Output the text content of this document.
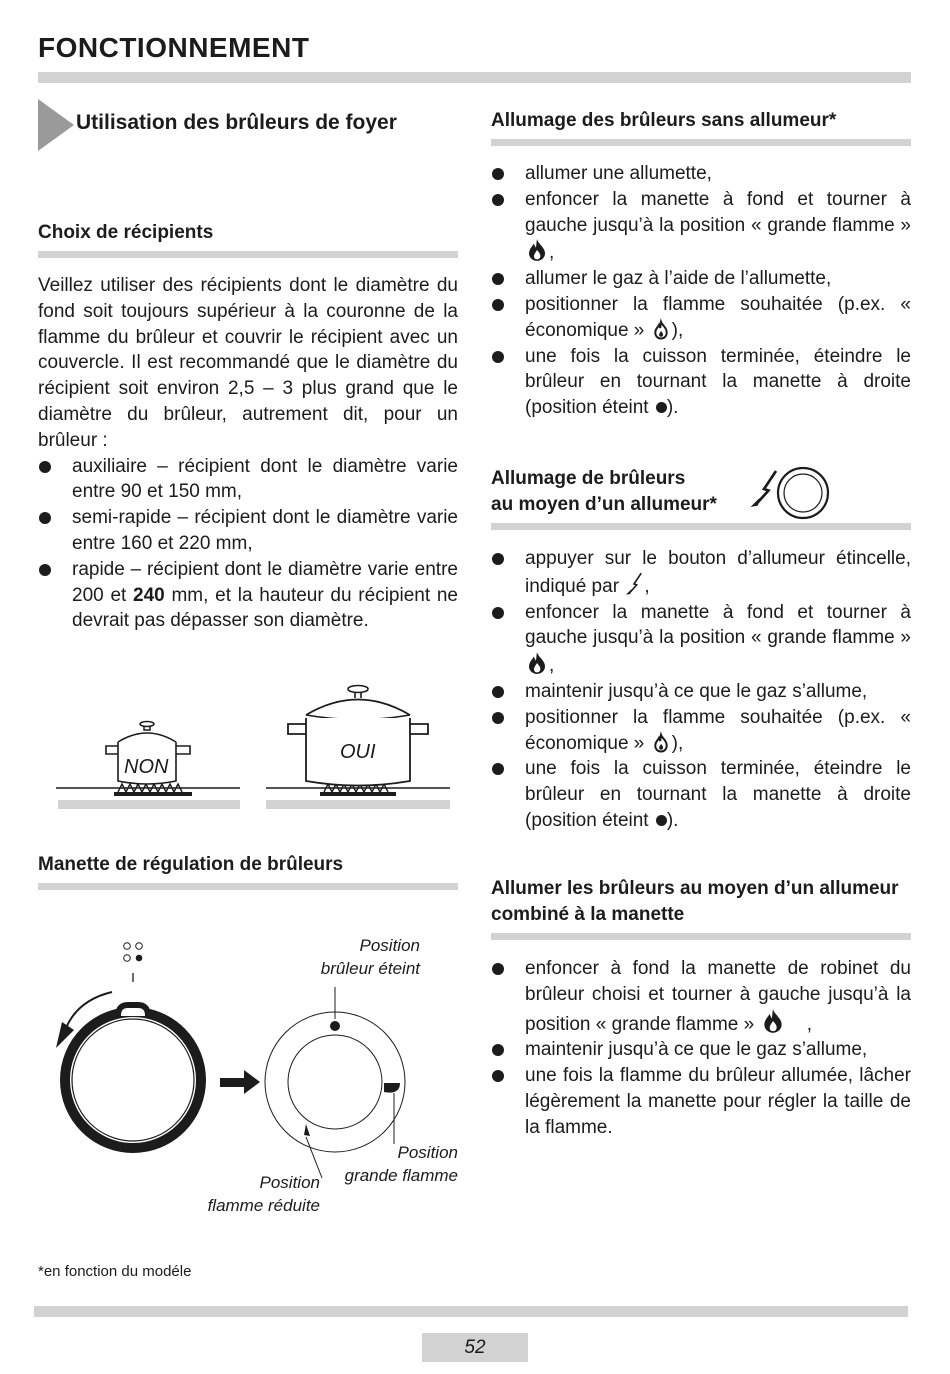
FONCTIONNEMENT
Utilisation des brûleurs de foyer
Choix de récipients
Veillez utiliser des récipients dont le diamètre du fond soit toujours supérieur à la couronne de la flamme du brûleur et couvrir le récipient avec un couvercle. Il est recommandé que le diamètre du récipient soit environ 2,5 – 3 plus grand que le diamètre du brûleur, autrement dit, pour un brûleur :
auxiliaire – récipient dont le diamètre varie entre 90 et 150 mm,
semi-rapide – récipient dont le diamètre varie entre 160 et 220 mm,
rapide – récipient dont le diamètre varie entre 200 et 240 mm, et la hauteur du récipient ne devrait pas dépasser son diamètre.
NON
OUI
Manette de régulation de brûleurs
Position
brûleur éteint
Position
grande flamme
Position
flamme réduite
Allumage des brûleurs sans allumeur*
allumer une allumette,
enfoncer la manette à fond et tourner à gauche jusqu’à la position « grande flamme » ,
allumer le gaz à l’aide de l’allumette,
positionner la flamme souhaitée (p.ex. « économique » ),
une fois la cuisson terminée, éteindre le brûleur en tournant la manette à droite (position éteint ).
Allumage de brûleurs
au moyen d’un allumeur*
appuyer sur le bouton d’allumeur étincelle, indiqué par ,
enfoncer la manette à fond et tourner à gauche jusqu’à la position « grande flamme » ,
maintenir jusqu’à ce que le gaz s’allume,
positionner la flamme souhaitée (p.ex. « économique » ),
une fois la cuisson terminée, éteindre le brûleur en tournant la manette à droite (position éteint ).
Allumer les brûleurs au moyen d’un allumeur combiné à la manette
enfoncer à fond la manette de robinet du brûleur choisi et tourner à gauche jusqu’à la position « grande flamme »	,
maintenir jusqu’à ce que le gaz s’allume,
une fois la flamme du brûleur allumée, lâcher légèrement la manette pour régler la taille de la flamme.
*en fonction du modéle
52
